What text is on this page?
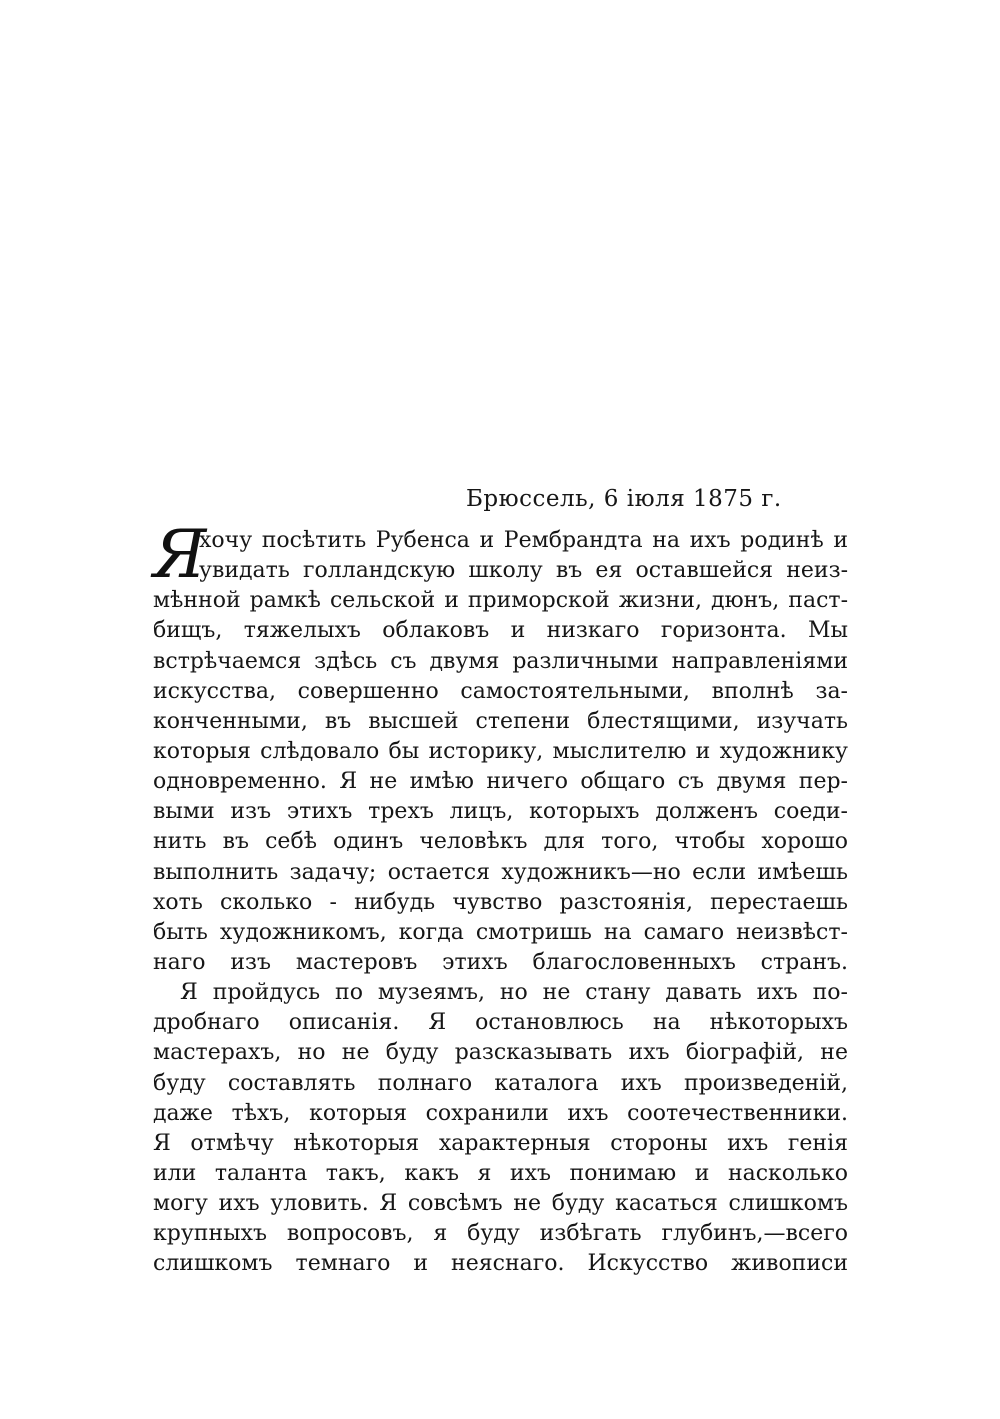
Брюссель, 6 іюля 1875 г.
Я
хочу посѣтить Рубенса и Рембрандта на ихъ родинѣ и
увидать голландскую школу въ ея оставшейся неиз-
мѣнной рамкѣ сельской и приморской жизни, дюнъ, паст-
бищъ, тяжелыхъ облаковъ и низкаго горизонта. Мы
встрѣчаемся здѣсь съ двумя различными направленіями
искусства, совершенно самостоятельными, вполнѣ за-
конченными, въ высшей степени блестящими, изучать
которыя слѣдовало бы историку, мыслителю и художнику
одновременно. Я не имѣю ничего общаго съ двумя пер-
выми изъ этихъ трехъ лицъ, которыхъ долженъ соеди-
нить въ себѣ одинъ человѣкъ для того, чтобы хорошо
выполнить задачу; остается художникъ—но если имѣешь
хоть сколько - нибудь чувство разстоянія, перестаешь
быть художникомъ, когда смотришь на самаго неизвѣст-
наго изъ мастеровъ этихъ благословенныхъ странъ.
Я пройдусь по музеямъ, но не стану давать ихъ по-
дробнаго описанія. Я остановлюсь на нѣкоторыхъ
мастерахъ, но не буду разсказывать ихъ біографій, не
буду составлять полнаго каталога ихъ произведеній,
даже тѣхъ, которыя сохранили ихъ соотечественники.
Я отмѣчу нѣкоторыя характерныя стороны ихъ генія
или таланта такъ, какъ я ихъ понимаю и насколько
могу ихъ уловить. Я совсѣмъ не буду касаться слишкомъ
крупныхъ вопросовъ, я буду избѣгать глубинъ,—всего
слишкомъ темнаго и неяснаго. Искусство живописи
